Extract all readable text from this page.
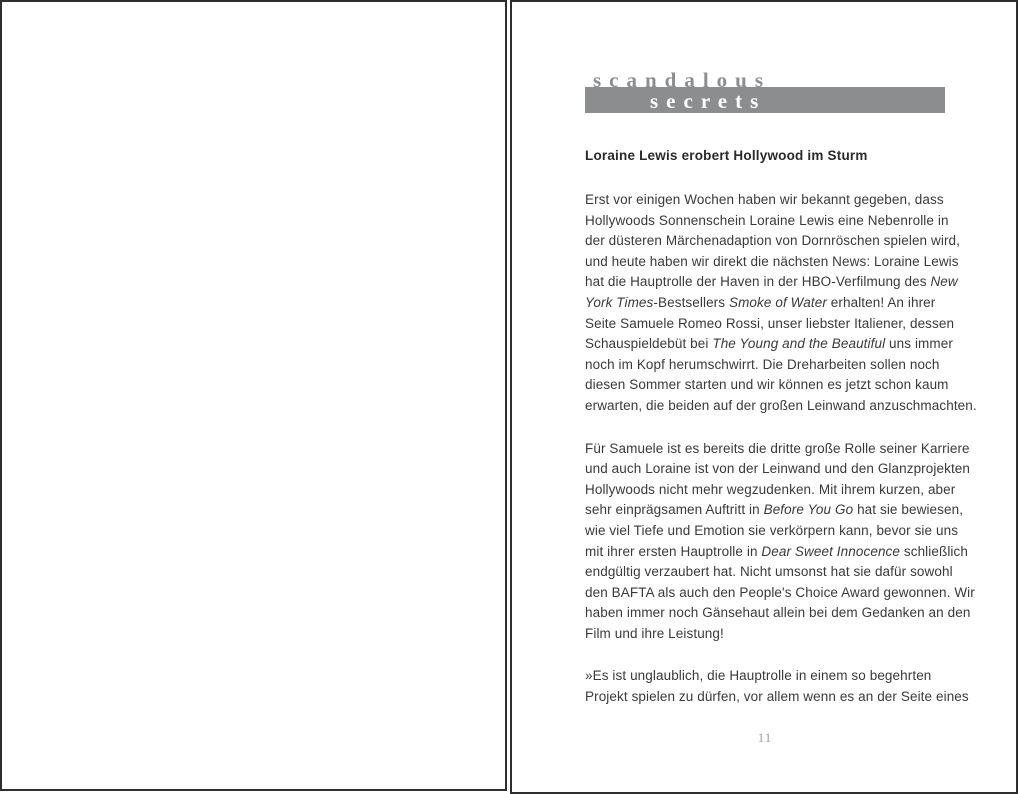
scandalous
secrets
Loraine Lewis erobert Hollywood im Sturm

Erst vor einigen Wochen haben wir bekannt gegeben, dass
Hollywoods Sonnenschein Loraine Lewis eine Nebenrolle in
der düsteren Märchenadaption von Dornröschen spielen wird,
und heute haben wir direkt die nächsten News: Loraine Lewis
hat die Hauptrolle der Haven in der HBO-Verfilmung des New
York Times-Bestsellers Smoke of Water erhalten! An ihrer
Seite Samuele Romeo Rossi, unser liebster Italiener, dessen
Schauspieldebüt bei The Young and the Beautiful uns immer
noch im Kopf herumschwirrt. Die Dreharbeiten sollen noch
diesen Sommer starten und wir können es jetzt schon kaum
erwarten, die beiden auf der großen Leinwand anzuschmachten.

Für Samuele ist es bereits die dritte große Rolle seiner Karriere
und auch Loraine ist von der Leinwand und den Glanzprojekten
Hollywoods nicht mehr wegzudenken. Mit ihrem kurzen, aber
sehr einprägsamen Auftritt in Before You Go hat sie bewiesen,
wie viel Tiefe und Emotion sie verkörpern kann, bevor sie uns
mit ihrer ersten Hauptrolle in Dear Sweet Innocence schließlich
endgültig verzaubert hat. Nicht umsonst hat sie dafür sowohl
den BAFTA als auch den People's Choice Award gewonnen. Wir
haben immer noch Gänsehaut allein bei dem Gedanken an den
Film und ihre Leistung!

»Es ist unglaublich, die Hauptrolle in einem so begehrten
Projekt spielen zu dürfen, vor allem wenn es an der Seite eines

11
